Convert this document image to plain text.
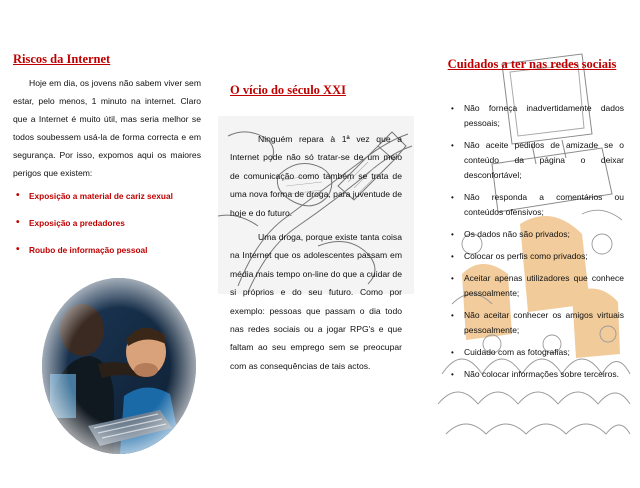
Riscos da Internet

Hoje em dia, os jovens não sabem viver sem estar, pelo menos, 1 minuto na internet. Claro que a Internet é muito útil, mas seria melhor se todos soubessem usá-la de forma correcta e em segurança. Por isso, expomos aqui os maiores perigos que existem:

• Exposição a material de cariz sexual
• Exposição a predadores
• Roubo de informação pessoal
O vício do século XXI

Ninguém repara à 1ª vez que a Internet pode não só tratar-se de um meio de comunicação como também se trata de uma nova forma de droga, para juventude de hoje e do futuro.

Uma droga, porque existe tanta coisa na Internet que os adolescentes passam em média mais tempo on-line do que a cuidar de si próprios e do seu futuro. Como por exemplo: pessoas que passam o dia todo nas redes sociais ou a jogar RPG's e que faltam ao seu emprego sem se preocupar com as consequências de tais actos.

Cuidados a ter nas redes sociais
• Não forneça inadvertidamente dados pessoais;
• Não aceite pedidos de amizade se o conteúdo da página o deixar desconfortável;
• Não responda a comentários ou conteúdos ofensivos;
• Os dados não são privados;
• Colocar os perfis como privados;
• Aceitar apenas utilizadores que conhece pessoalmente;
• Não aceitar conhecer os amigos virtuais pessoalmente;
• Cuidado com as fotografias;
• Não colocar informações sobre terceiros.
